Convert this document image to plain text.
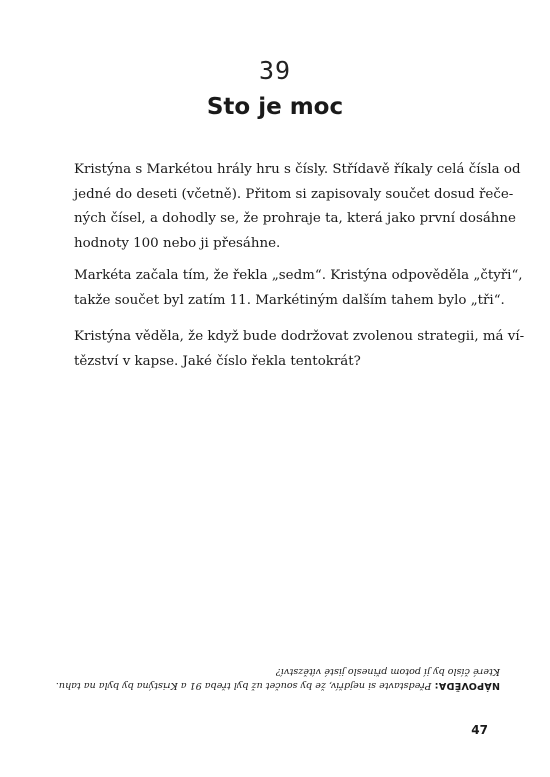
39
Sto je moc
Kristýna s Markétou hrály hru s čísly. Střídavě říkaly celá čísla od
jedné do deseti (včetně). Přitom si zapisovaly součet dosud řeče-
ných čísel, a dohodly se, že prohraje ta, která jako první dosáhne
hodnoty 100 nebo ji přesáhne.
Markéta začala tím, že řekla „sedm“. Kristýna odpověděla „čtyři“,
takže součet byl zatím 11. Markétiným dalším tahem bylo „tři“.
Kristýna věděla, že když bude dodržovat zvolenou strategii, má ví-
tězství v kapse. Jaké číslo řekla tentokrát?
NÁPOVĚDA: Představte si nejdřív, že by součet už byl třeba 91 a Kristýna by byla na tahu.
Které číslo by jí potom přineslo jisté vítězství?
47
